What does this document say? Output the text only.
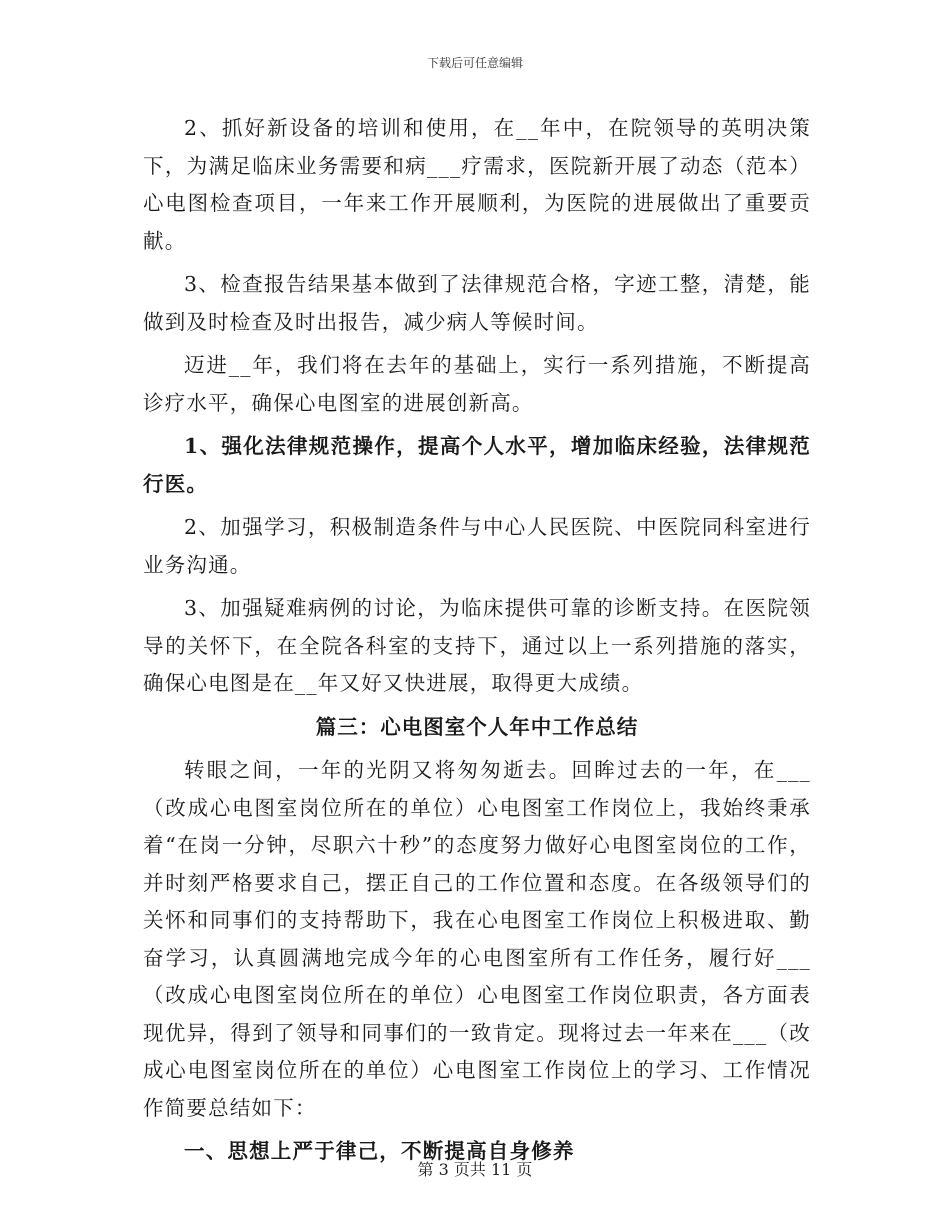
下载后可任意编辑

2、抓好新设备的培训和使用，在__年中，在院领导的英明决策下，为满足临床业务需要和病___疗需求，医院新开展了动态（范本）心电图检查项目，一年来工作开展顺利，为医院的进展做出了重要贡献。

3、检查报告结果基本做到了法律规范合格，字迹工整，清楚，能做到及时检查及时出报告，减少病人等候时间。

迈进__年，我们将在去年的基础上，实行一系列措施，不断提高诊疗水平，确保心电图室的进展创新高。

1、强化法律规范操作，提高个人水平，增加临床经验，法律规范行医。

2、加强学习，积极制造条件与中心人民医院、中医院同科室进行业务沟通。

3、加强疑难病例的讨论，为临床提供可靠的诊断支持。在医院领导的关怀下，在全院各科室的支持下，通过以上一系列措施的落实，确保心电图是在__年又好又快进展，取得更大成绩。

篇三：心电图室个人年中工作总结

转眼之间，一年的光阴又将匆匆逝去。回眸过去的一年，在___（改成心电图室岗位所在的单位）心电图室工作岗位上，我始终秉承着“在岗一分钟，尽职六十秒”的态度努力做好心电图室岗位的工作，并时刻严格要求自己，摆正自己的工作位置和态度。在各级领导们的关怀和同事们的支持帮助下，我在心电图室工作岗位上积极进取、勤奋学习，认真圆满地完成今年的心电图室所有工作任务，履行好___（改成心电图室岗位所在的单位）心电图室工作岗位职责，各方面表现优异，得到了领导和同事们的一致肯定。现将过去一年来在___（改成心电图室岗位所在的单位）心电图室工作岗位上的学习、工作情况作简要总结如下：

一、思想上严于律己，不断提高自身修养

第 3 页共 11 页
